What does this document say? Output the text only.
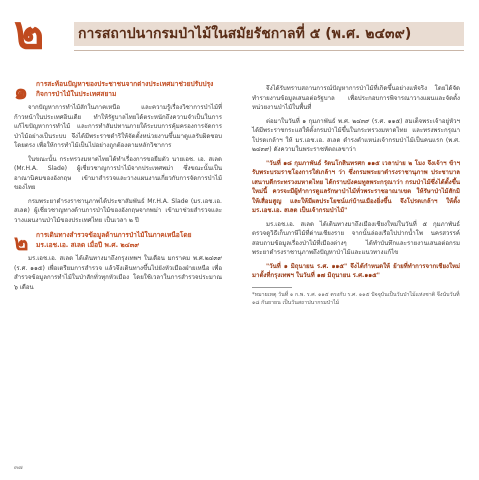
๒ การสถาปนากรมป่าไม้ในสมัยรัชกาลที่ ๕ (พ.ศ. ๒๔๓๙)
๑ การสะท้อนปัญหาของประชาชนจากต่างประเทศมาช่วยปรับปรุงกิจการป่าไม้ในประเทศสยาม
จากปัญหาการทำไม้สักในภาคเหนือ และความรู้เรื่องวิชาการป่าไม้ที่ก้าวหน้าในประเทศอินเดีย ทำให้รัฐบาลไทยได้ตระหนักถึงความจำเป็นในการแก้ไขปัญหาการทำไม้ และการทำสัมปทานภายใต้ระบบการคุ้มครองการจัดการป่าไม้อย่างเป็นระบบ จึงได้มีพระราชดำริให้จัดตั้งหน่วยงานขึ้นมาดูแลรับผิดชอบโดยตรง เพื่อให้การทำไม้เป็นไปอย่างถูกต้องตามหลักวิชาการ
ในขณะนั้น กระทรวงมหาดไทยได้ทำเรื่องการขอยืมตัว นายเอช. เอ. สเลด (Mr.H.A. Slade) ผู้เชี่ยวชาญการป่าไม้จากประเทศพม่า ซึ่งขณะนั้นเป็นอาณานิคมของอังกฤษ เข้ามาสำรวจและวางแผนงานเกี่ยวกับการจัดการป่าไม้ของไทย
กรมพระยาดำรงราชานุภาพได้ประชาสัมพันธ์ Mr.H.A. Slade (มร.เอช.เอ. สเลด) ผู้เชี่ยวชาญทางด้านการป่าไม้ของอังกฤษจากพม่า เข้ามาช่วยสำรวจและวางแผนงานป่าไม้ของประเทศไทย เป็นเวลา ๒ ปี
๒ การเดินทางสำรวจข้อมูลด้านการป่าไม้ในภาคเหนือโดย มร.เอช.เอ. สเลด เมื่อปี พ.ศ. ๒๔๓๙
มร.เอช.เอ. สเลด ได้เดินทางมาถึงกรุงเทพฯ ในเดือน มกราคม พ.ศ.๒๔๓๙ (ร.ศ. ๑๑๕) เพื่อเตรียมการสำรวจ แล้วจึงเดินทางขึ้นไปยังหัวเมืองฝ่ายเหนือ เพื่อสำรวจข้อมูลการทำไม้ในป่าสักทั่วทุกหัวเมือง โดยใช้เวลาในการสำรวจประมาณ ๖ เดือน
จึงได้รับทราบสถานการณ์ปัญหาการป่าไม้ที่เกิดขึ้นอย่างแท้จริง โดยได้จัดทำรายงานข้อมูลเสนอต่อรัฐบาล เพื่อประกอบการพิจารณาวางแผนและจัดตั้งหน่วยงานป่าไม้ในพื้นที่
ต่อมาในวันที่ ๑ กุมภาพันธ์ พ.ศ. ๒๔๓๙ (ร.ศ. ๑๑๕) สมเด็จพระเจ้าอยู่หัวฯ ได้มีพระราชกระแสให้ตั้งกรมป่าไม้ขึ้นในกระทรวงมหาดไทย และทรงพระกรุณาโปรดเกล้าฯ ให้ มร.เอช.เอ. สเลด ดำรงตำแหน่งเจ้ากรมป่าไม้เป็นคนแรก (พ.ศ. ๒๔๓๙) ดังความในพระราชหัตถเลขาว่า
"วันที่ ๑๘ กุมภาพันธ์ รัตนโกสินทรศก ๑๑๕ เวลาบ่าย ๒ โมง จึงเจ้าฯ ข้าฯ รับพระบรมราชโองการใส่เกล้าฯ ว่า ซึ่งกรมพระยาดำรงราชานุภาพ ประชาบาลเสนาบดีกระทรวงมหาดไทย ได้กราบบังคมทูลพระกรุณาว่า กรมป่าไม้ซึ่งได้ตั้งขึ้นใหม่นี้ ควรจะมีผู้ทำการดูแลรักษาป่าไม้ทั่วพระราชอาณาเขต ให้รัษาป่าไม้สักมิให้เสื่อมสูญ และให้มีผลประโยชน์แก่บ้านเมืองยิ่งขึ้น จึงโปรดเกล้าฯ ให้ตั้ง มร.เอช.เอ. สเลด เป็นเจ้ากรมป่าไม้"
มร.เอช.เอ. สเลด ได้เดินทางมาถึงเมืองเชียงใหม่ในวันที่ ๕ กุมภาพันธ์ ตรวจดูวิธีเก็บภาษีไม้ที่ด่านเชียงราย จากนั้นล่องเรือไปปากน้ำโพ นครสวรรค์ สอบถามข้อมูลเรื่องป่าไม้ที่เมืองต่างๆ ได้ทำบันทึกและรายงานเสนอต่อกรมพระยาดำรงราชานุภาพถึงปัญหาป่าไม้และแนวทางแก้ไข
"วันที่ ๑ มิถุนายน ร.ศ. ๑๑๕" จึงได้กำหนดให้ ย้ายที่ทำการจากเชียงใหม่ มาตั้งที่กรุงเทพฯ ในวันที่ ๑๗ มิถุนายน ร.ศ.๑๑๕"
*หมายเหตุ วันที่ ๑ ก.พ. ร.ศ. ๑๑๕ ตรงกับ ร.ศ. ๑๑๕ ปัจจุบันเป็นวันป่าไม้แห่งชาติ จึงนับวันที่ ๑๘ กันยายน เป็นวันสถาปนากรมป่าไม้
๓๗
